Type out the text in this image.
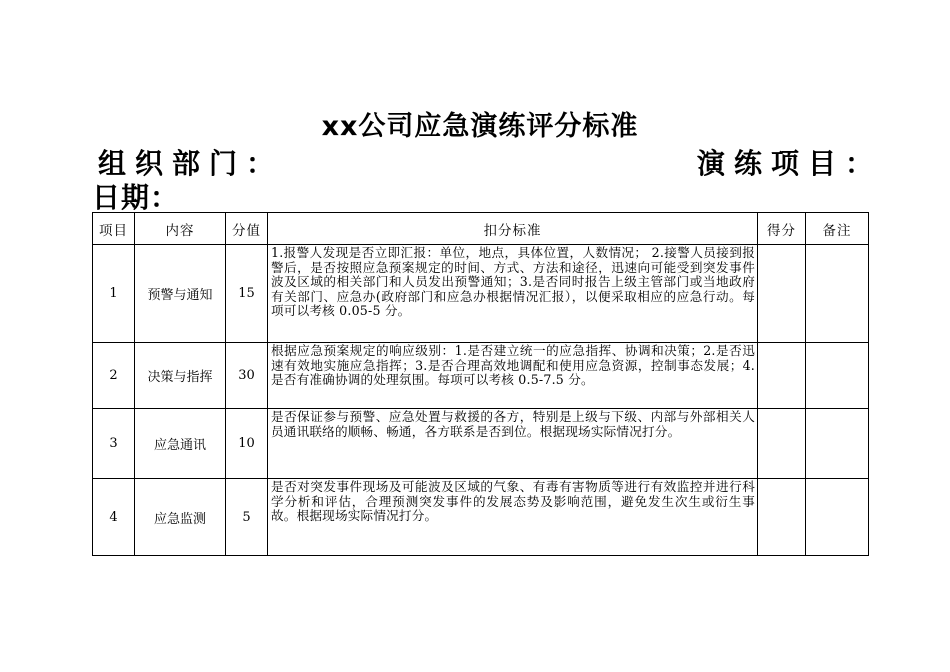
xx公司应急演练评分标准
组织部门：	演练项目：
日期：
项目	内容	分值	扣分标准	得分	备注
1	预警与通知	15	1.报警人发现是否立即汇报：单位，地点，具体位置，人数情况； 2.接警人员接到报警后，是否按照应急预案规定的时间、方式、方法和途径，迅速向可能受到突发事件波及区域的相关部门和人员发出预警通知；3.是否同时报告上级主管部门或当地政府有关部门、应急办(政府部门和应急办根据情况汇报），以便采取相应的应急行动。每项可以考核 0.05-5 分。		
2	决策与指挥	30	根据应急预案规定的响应级别：1.是否建立统一的应急指挥、协调和决策；2.是否迅速有效地实施应急指挥；3.是否合理高效地调配和使用应急资源，控制事态发展；4.是否有准确协调的处理氛围。每项可以考核 0.5-7.5 分。		
3	应急通讯	10	是否保证参与预警、应急处置与救援的各方，特别是上级与下级、内部与外部相关人员通讯联络的顺畅、畅通，各方联系是否到位。根据现场实际情况打分。		
4	应急监测	5	是否对突发事件现场及可能波及区域的气象、有毒有害物质等进行有效监控并进行科学分析和评估，合理预测突发事件的发展态势及影响范围，避免发生次生或衍生事故。根据现场实际情况打分。		
